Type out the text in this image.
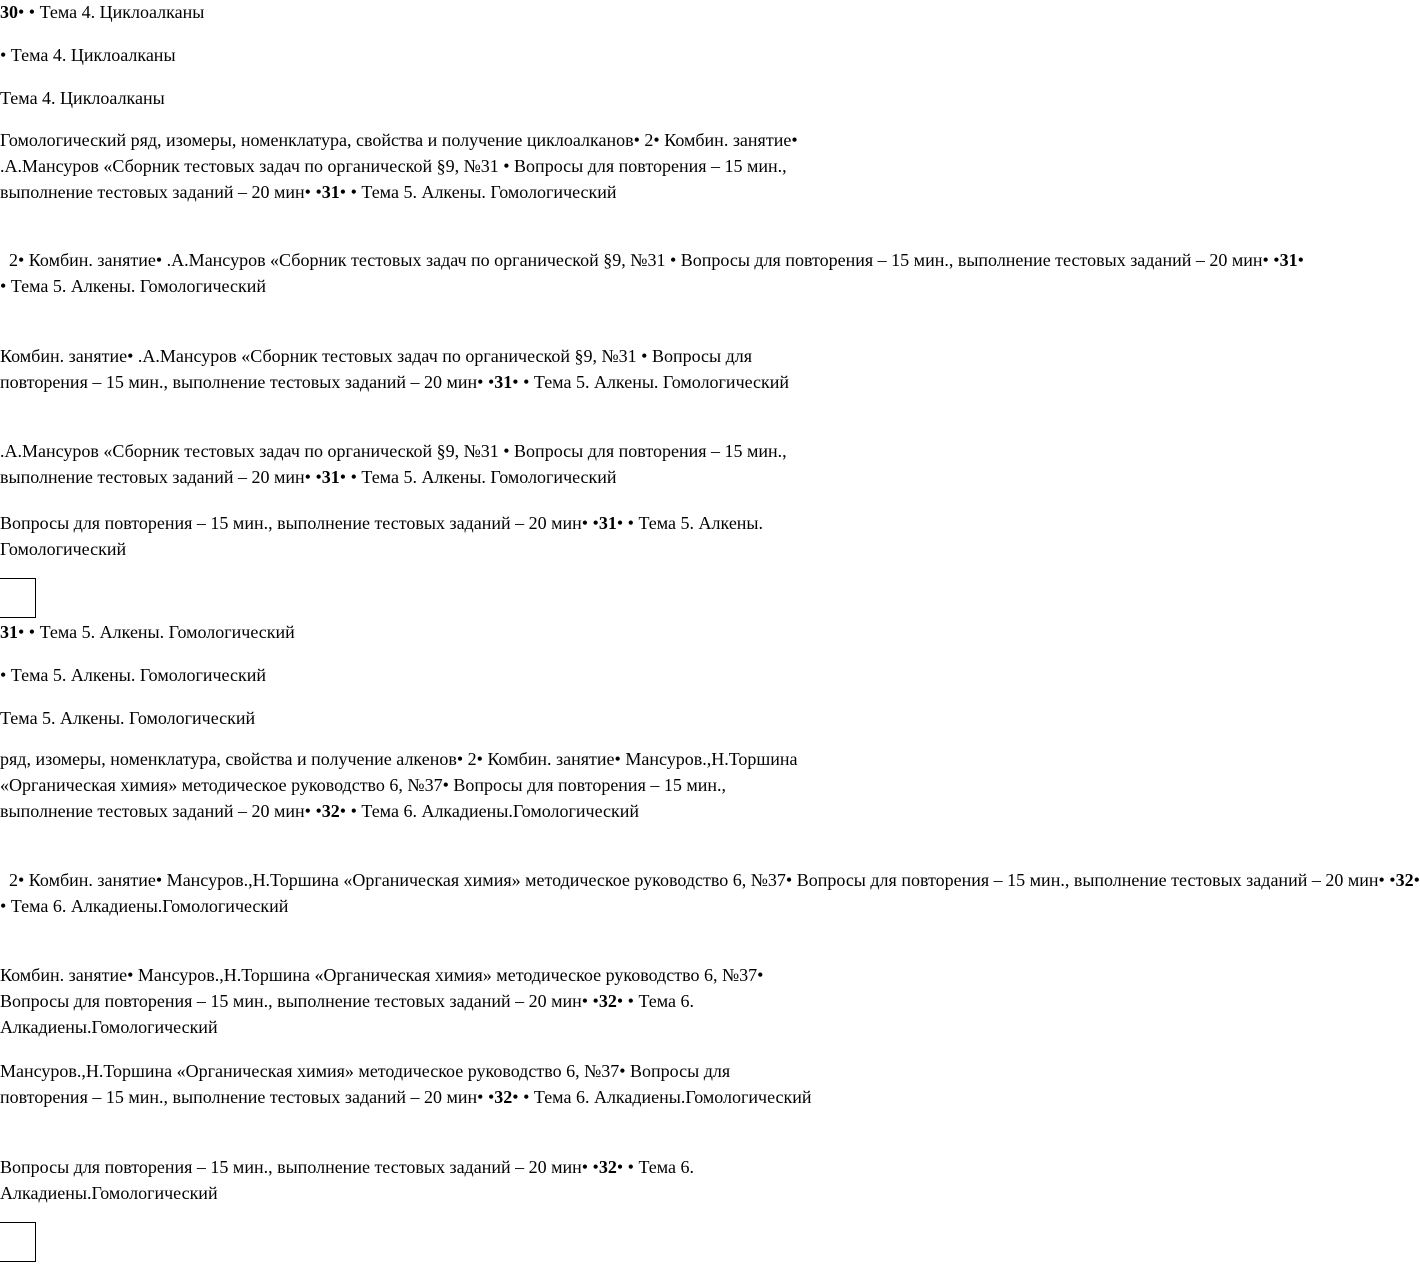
30• • Тема 4. Циклоалканы

• Тема 4. Циклоалканы

Тема 4. Циклоалканы

Гомологический ряд, изомеры, номенклатура, свойства и получение циклоалканов• 2• Комбин. занятие• .А.Мансуров «Сборник тестовых задач по органической §9, №31 • Вопросы для повторения – 15 мин., выполнение тестовых заданий – 20 мин• •31• • Тема 5. Алкены. Гомологический

2• Комбин. занятие• .А.Мансуров «Сборник тестовых задач по органической §9, №31 • Вопросы для повторения – 15 мин., выполнение тестовых заданий – 20 мин• •31• • Тема 5. Алкены. Гомологический

Комбин. занятие• .А.Мансуров «Сборник тестовых задач по органической §9, №31 • Вопросы для повторения – 15 мин., выполнение тестовых заданий – 20 мин• •31• • Тема 5. Алкены. Гомологический

.А.Мансуров «Сборник тестовых задач по органической §9, №31 • Вопросы для повторения – 15 мин., выполнение тестовых заданий – 20 мин• •31• • Тема 5. Алкены. Гомологический

Вопросы для повторения – 15 мин., выполнение тестовых заданий – 20 мин• •31• • Тема 5. Алкены. Гомологический

31• • Тема 5. Алкены. Гомологический

• Тема 5. Алкены. Гомологический

Тема 5. Алкены. Гомологический

ряд, изомеры, номенклатура, свойства и получение алкенов• 2• Комбин. занятие• Мансуров.,Н.Торшина «Органическая химия» методическое руководство 6, №37• Вопросы для повторения – 15 мин., выполнение тестовых заданий – 20 мин• •32• • Тема 6. Алкадиены.Гомологический

2• Комбин. занятие• Мансуров.,Н.Торшина «Органическая химия» методическое руководство 6, №37• Вопросы для повторения – 15 мин., выполнение тестовых заданий – 20 мин• •32• • Тема 6. Алкадиены.Гомологический

Комбин. занятие• Мансуров.,Н.Торшина «Органическая химия» методическое руководство 6, №37• Вопросы для повторения – 15 мин., выполнение тестовых заданий – 20 мин• •32• • Тема 6. Алкадиены.Гомологический

Мансуров.,Н.Торшина «Органическая химия» методическое руководство 6, №37• Вопросы для повторения – 15 мин., выполнение тестовых заданий – 20 мин• •32• • Тема 6. Алкадиены.Гомологический

Вопросы для повторения – 15 мин., выполнение тестовых заданий – 20 мин• •32• • Тема 6. Алкадиены.Гомологический
